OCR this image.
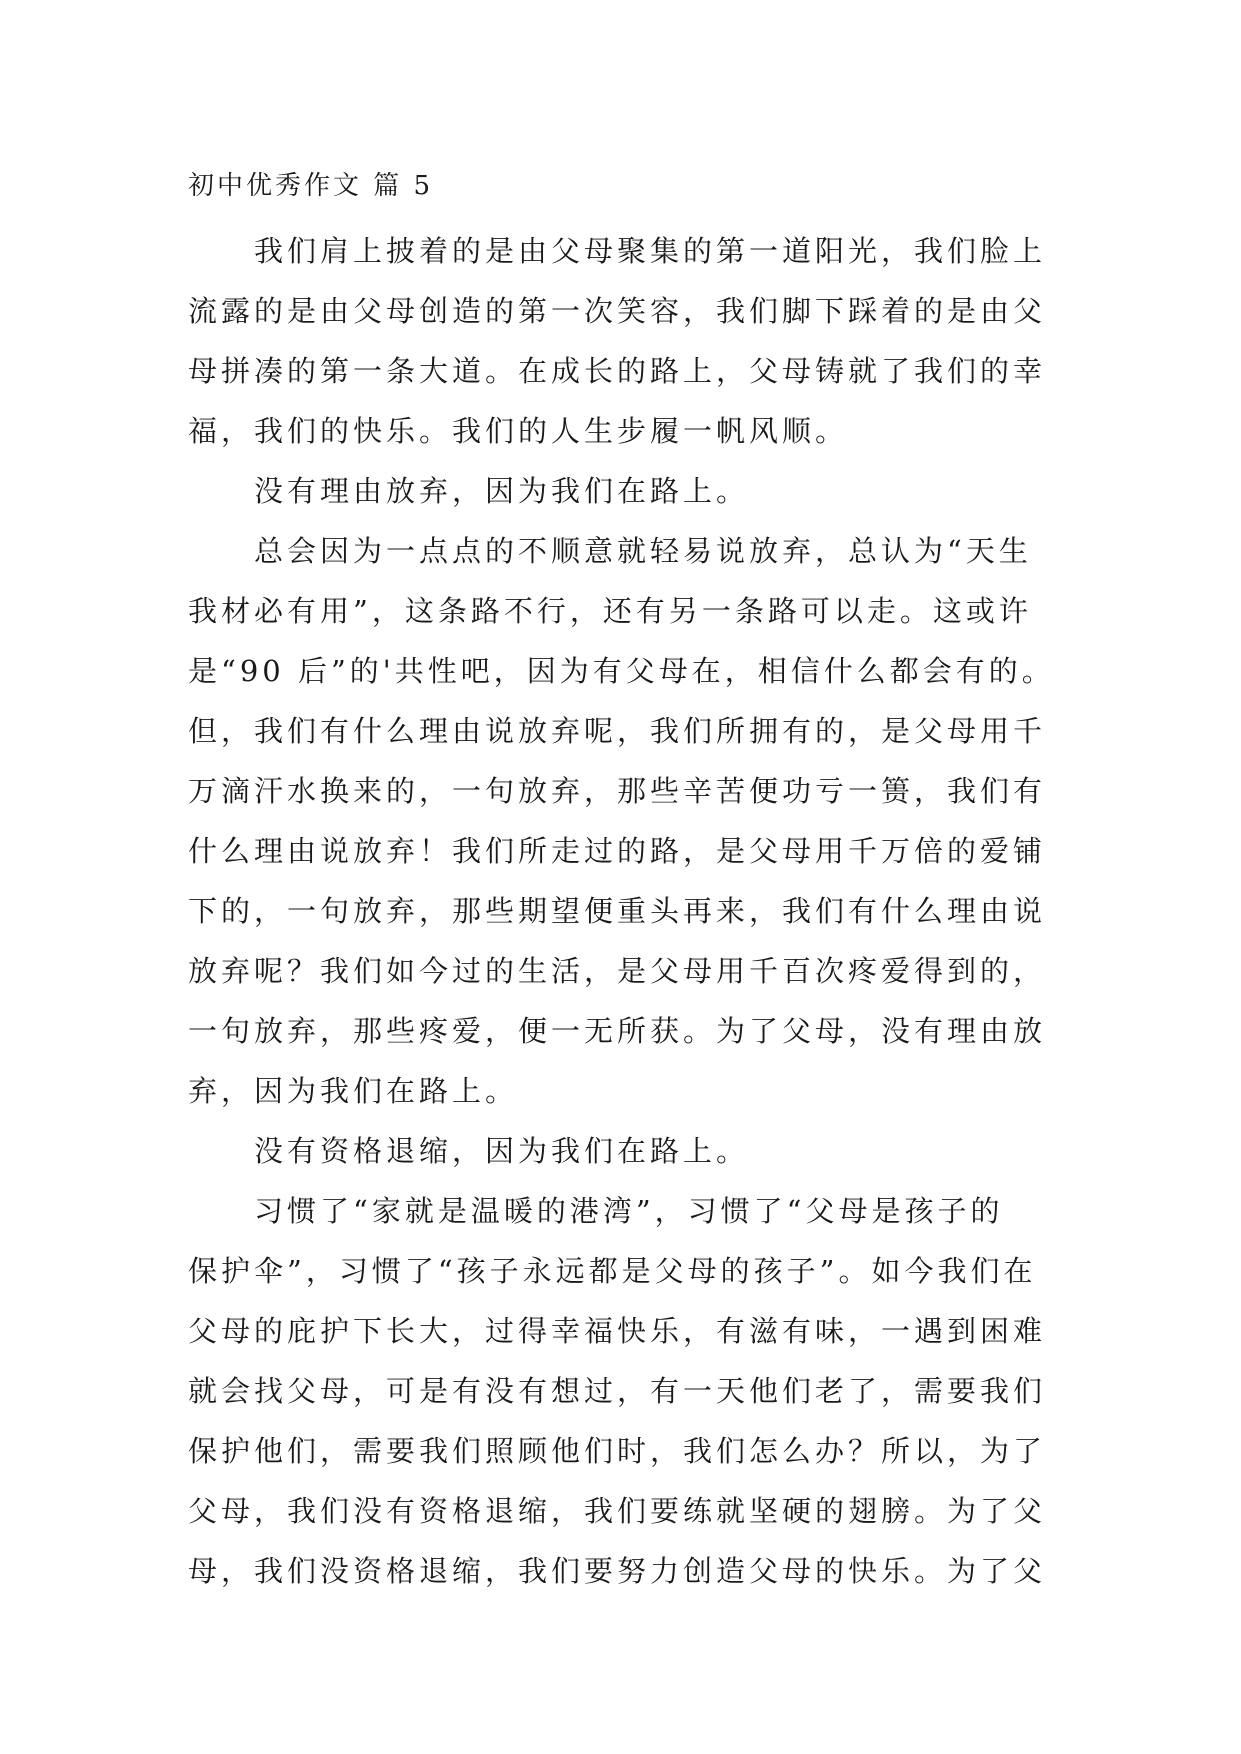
初中优秀作文 篇 5
我们肩上披着的是由父母聚集的第一道阳光，我们脸上
流露的是由父母创造的第一次笑容，我们脚下踩着的是由父
母拼凑的第一条大道。在成长的路上，父母铸就了我们的幸
福，我们的快乐。我们的人生步履一帆风顺。
没有理由放弃，因为我们在路上。
总会因为一点点的不顺意就轻易说放弃，总认为“天生
我材必有用”，这条路不行，还有另一条路可以走。这或许
是“90 后”的'共性吧，因为有父母在，相信什么都会有的。
但，我们有什么理由说放弃呢，我们所拥有的，是父母用千
万滴汗水换来的，一句放弃，那些辛苦便功亏一篑，我们有
什么理由说放弃！我们所走过的路，是父母用千万倍的爱铺
下的，一句放弃，那些期望便重头再来，我们有什么理由说
放弃呢？我们如今过的生活，是父母用千百次疼爱得到的，
一句放弃，那些疼爱，便一无所获。为了父母，没有理由放
弃，因为我们在路上。
没有资格退缩，因为我们在路上。
习惯了“家就是温暖的港湾”，习惯了“父母是孩子的
保护伞”，习惯了“孩子永远都是父母的孩子”。如今我们在
父母的庇护下长大，过得幸福快乐，有滋有味，一遇到困难
就会找父母，可是有没有想过，有一天他们老了，需要我们
保护他们，需要我们照顾他们时，我们怎么办？所以，为了
父母，我们没有资格退缩，我们要练就坚硬的翅膀。为了父
母，我们没资格退缩，我们要努力创造父母的快乐。为了父
